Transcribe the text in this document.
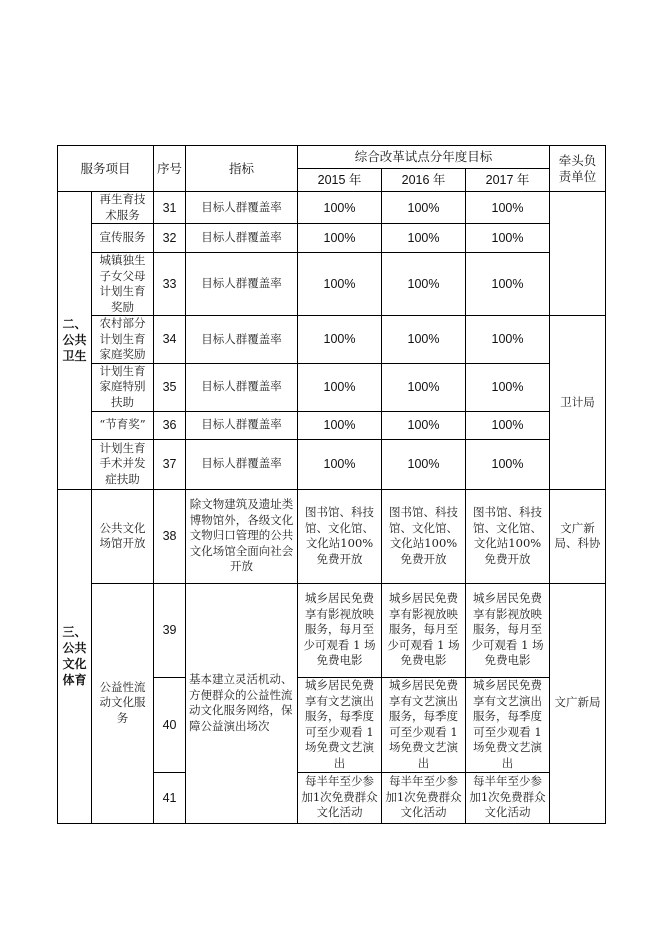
服务项目		序号	指标	综合改革试点分年度目标			牵头负责单位
				2015 年	2016 年	2017 年	
二、公共卫生	再生育技术服务	31	目标人群覆盖率	100%	100%	100%	
	宣传服务	32	目标人群覆盖率	100%	100%	100%	
	城镇独生子女父母计划生育奖励	33	目标人群覆盖率	100%	100%	100%	
	农村部分计划生育家庭奖励	34	目标人群覆盖率	100%	100%	100%	卫计局
	计划生育家庭特别扶助	35	目标人群覆盖率	100%	100%	100%	
	“节育奖”	36	目标人群覆盖率	100%	100%	100%	
	计划生育手术并发症扶助	37	目标人群覆盖率	100%	100%	100%	
三、公共文化体育	公共文化场馆开放	38	除文物建筑及遗址类博物馆外，各级文化文物归口管理的公共文化场馆全面向社会开放	图书馆、科技馆、文化馆、文化站100%免费开放	图书馆、科技馆、文化馆、文化站100%免费开放	图书馆、科技馆、文化馆、文化站100%免费开放	文广新局、科协
	公益性流动文化服务	39	基本建立灵活机动、方便群众的公益性流动文化服务网络，保障公益演出场次	城乡居民免费享有影视放映服务，每月至少可观看 1 场免费电影	城乡居民免费享有影视放映服务，每月至少可观看 1 场免费电影	城乡居民免费享有影视放映服务，每月至少可观看 1 场免费电影	文广新局
		40		城乡居民免费享有文艺演出服务，每季度可至少观看 1 场免费文艺演出	城乡居民免费享有文艺演出服务，每季度可至少观看 1 场免费文艺演出	城乡居民免费享有文艺演出服务，每季度可至少观看 1 场免费文艺演出	
		41		每半年至少参加1次免费群众文化活动	每半年至少参加1次免费群众文化活动	每半年至少参加1次免费群众文化活动	
